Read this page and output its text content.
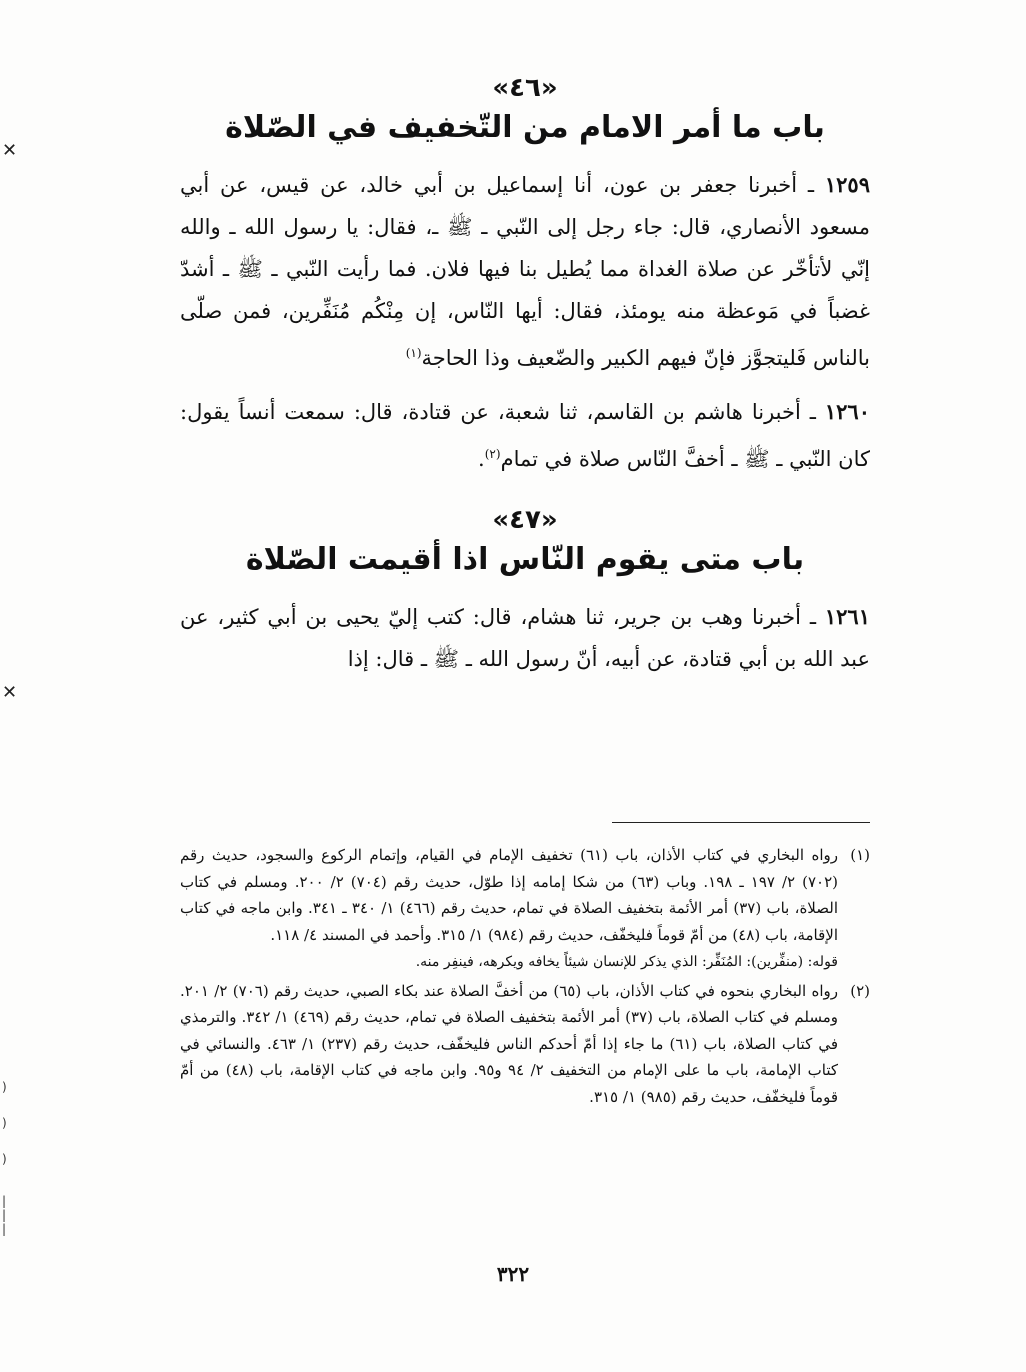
✕
✕
)
)
)
|
|
|

«٤٦»

باب ما أمر الامام من التّخفيف في الصّلاة

١٢٥٩ ـ أخبرنا جعفر بن عون، أنا إسماعيل بن أبي خالد، عن قيس، عن أبي مسعود الأنصاري، قال: جاء رجل إلى النّبي ـ ﷺ ـ، فقال: يا رسول الله ـ والله إنّي لأتأخّر عن صلاة الغداة مما يُطيل بنا فيها فلان. فما رأيت النّبي ـ ﷺ ـ أشدّ غضباً في مَوعظة منه يومئذ، فقال: أيها النّاس، إن مِنْكُم مُنَفِّرين، فمن صلّى بالناس فَليتجوَّز فإنّ فيهم الكبير والضّعيف وذا الحاجة$^{(١)}$

١٢٦٠ ـ أخبرنا هاشم بن القاسم، ثنا شعبة، عن قتادة، قال: سمعت أنساً يقول: كان النّبي ـ ﷺ ـ أخفَّ النّاس صلاة في تمام$^{(٢)}$.

«٤٧»

باب متى يقوم النّاس اذا أقيمت الصّلاة

١٢٦١ ـ أخبرنا وهب بن جرير، ثنا هشام، قال: كتب إليّ يحيى بن أبي كثير، عن عبد الله بن أبي قتادة، عن أبيه، أنّ رسول الله ـ ﷺ ـ قال: إذا

(١)
رواه البخاري في كتاب الأذان، باب (٦١) تخفيف الإمام في القيام، وإتمام الركوع والسجود، حديث رقم (٧٠٢) ٢/ ١٩٧ ـ ١٩٨. وباب (٦٣) من شكا إمامه إذا طوّل، حديث رقم (٧٠٤) ٢/ ٢٠٠. ومسلم في كتاب الصلاة، باب (٣٧) أمر الأئمة بتخفيف الصلاة في تمام، حديث رقم (٤٦٦) ١/ ٣٤٠ ـ ٣٤١. وابن ماجه في كتاب الإقامة، باب (٤٨) من أمّ قوماً فليخفّف، حديث رقم (٩٨٤) ١/ ٣١٥. وأحمد في المسند ٤/ ١١٨.
قوله: (منفِّرين): المُنَفِّر: الذي يذكر للإنسان شيئاً يخافه ويكرهه، فينفِر منه.

(٢)
رواه البخاري بنحوه في كتاب الأذان، باب (٦٥) من أخفَّ الصلاة عند بكاء الصبي، حديث رقم (٧٠٦) ٢/ ٢٠١. ومسلم في كتاب الصلاة، باب (٣٧) أمر الأئمة بتخفيف الصلاة في تمام، حديث رقم (٤٦٩) ١/ ٣٤٢. والترمذي في كتاب الصلاة، باب (٦١) ما جاء إذا أمّ أحدكم الناس فليخفّف، حديث رقم (٢٣٧) ١/ ٤٦٣. والنسائي في كتاب الإمامة، باب ما على الإمام من التخفيف ٢/ ٩٤ و٩٥. وابن ماجه في كتاب الإقامة، باب (٤٨) من أمّ قوماً فليخفّف، حديث رقم (٩٨٥) ١/ ٣١٥.

٣٢٢
